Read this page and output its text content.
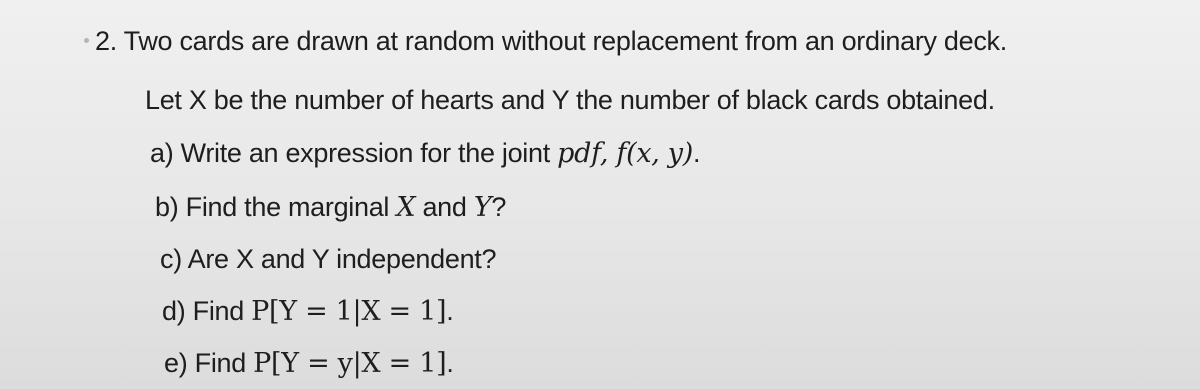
2. Two cards are drawn at random without replacement from an ordinary deck.
Let X be the number of hearts and Y the number of black cards obtained.
a) Write an expression for the joint pdf, f(x, y).
b) Find the marginal X and Y?
c) Are X and Y independent?
d) Find P[Y = 1|X = 1].
e) Find P[Y = y|X = 1].
